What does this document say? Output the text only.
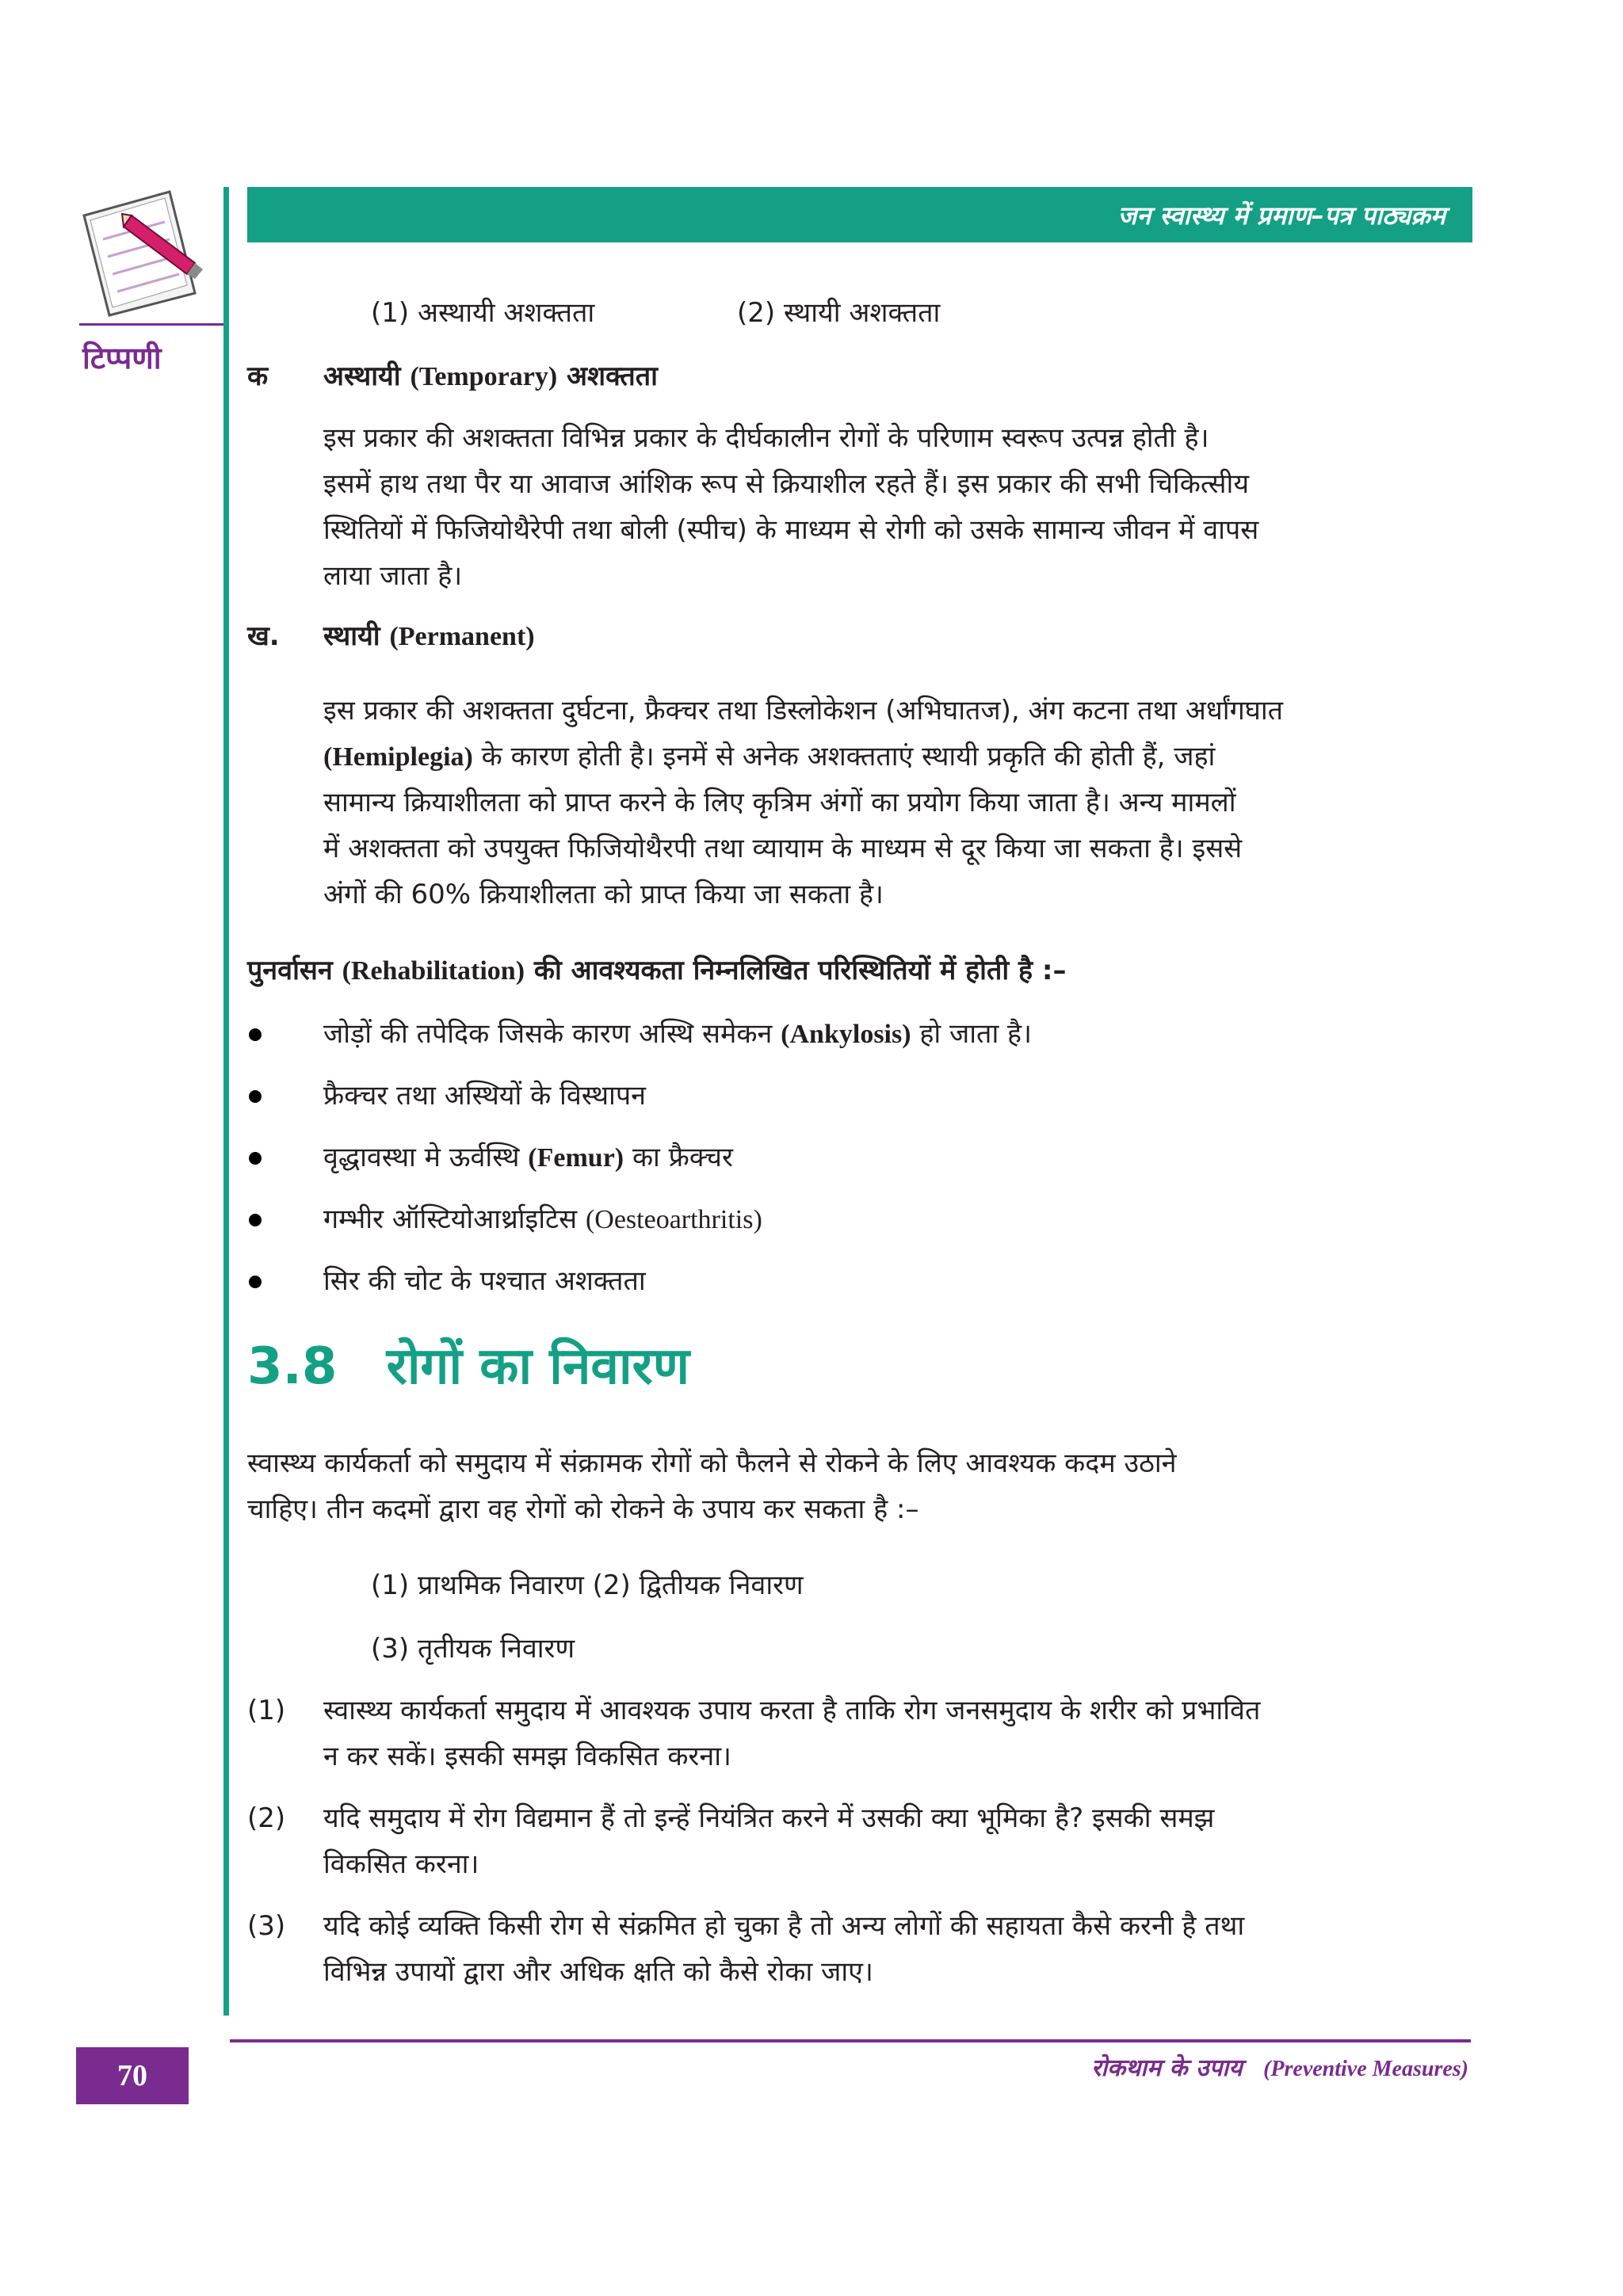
टिप्पणी
जन स्वास्थ्य में प्रमाण–पत्र पाठ्यक्रम
(1) अस्थायी अशक्तता	(2) स्थायी अशक्तता
क अस्थायी (Temporary) अशक्तता
इस प्रकार की अशक्तता विभिन्न प्रकार के दीर्घकालीन रोगों के परिणाम स्वरूप उत्पन्न होती है।
इसमें हाथ तथा पैर या आवाज आंशिक रूप से क्रियाशील रहते हैं। इस प्रकार की सभी चिकित्सीय
स्थितियों में फिजियोथैरेपी तथा बोली (स्पीच) के माध्यम से रोगी को उसके सामान्य जीवन में वापस
लाया जाता है।
ख. स्थायी (Permanent)
इस प्रकार की अशक्तता दुर्घटना, फ्रैक्चर तथा डिस्लोकेशन (अभिघातज), अंग कटना तथा अर्धांगघात
(Hemiplegia) के कारण होती है। इनमें से अनेक अशक्तताएं स्थायी प्रकृति की होती हैं, जहां
सामान्य क्रियाशीलता को प्राप्त करने के लिए कृत्रिम अंगों का प्रयोग किया जाता है। अन्य मामलों
में अशक्तता को उपयुक्त फिजियोथैरपी तथा व्यायाम के माध्यम से दूर किया जा सकता है। इससे
अंगों की 60% क्रियाशीलता को प्राप्त किया जा सकता है।
पुनर्वासन (Rehabilitation) की आवश्यकता निम्नलिखित परिस्थितियों में होती है :–
जोड़ों की तपेदिक जिसके कारण अस्थि समेकन (Ankylosis) हो जाता है।
फ्रैक्चर तथा अस्थियों के विस्थापन
वृद्धावस्था मे ऊर्वस्थि (Femur) का फ्रैक्चर
गम्भीर ऑस्टियोआर्थ्राइटिस (Oesteoarthritis)
सिर की चोट के पश्चात अशक्तता
3.8 रोगों का निवारण
स्वास्थ्य कार्यकर्ता को समुदाय में संक्रामक रोगों को फैलने से रोकने के लिए आवश्यक कदम उठाने
चाहिए। तीन कदमों द्वारा वह रोगों को रोकने के उपाय कर सकता है :–
(1) प्राथमिक निवारण (2) द्वितीयक निवारण
(3) तृतीयक निवारण
(1) स्वास्थ्य कार्यकर्ता समुदाय में आवश्यक उपाय करता है ताकि रोग जनसमुदाय के शरीर को प्रभावित
न कर सकें। इसकी समझ विकसित करना।
(2) यदि समुदाय में रोग विद्यमान हैं तो इन्हें नियंत्रित करने में उसकी क्या भूमिका है? इसकी समझ
विकसित करना।
(3) यदि कोई व्यक्ति किसी रोग से संक्रमित हो चुका है तो अन्य लोगों की सहायता कैसे करनी है तथा
विभिन्न उपायों द्वारा और अधिक क्षति को कैसे रोका जाए।
70	रोकथाम के उपाय (Preventive Measures)
